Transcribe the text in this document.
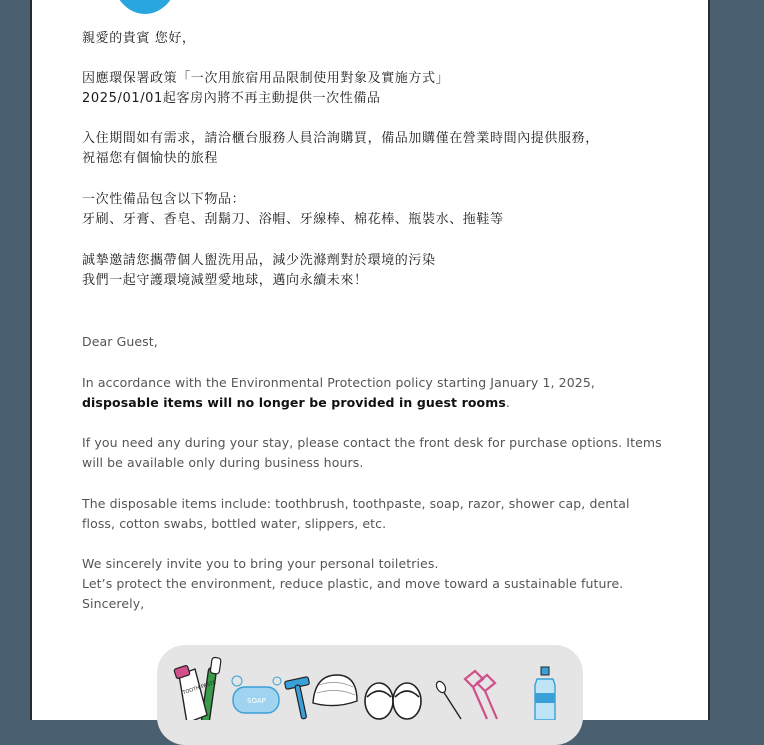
親愛的貴賓 您好，

因應環保署政策「一次用旅宿用品限制使用對象及實施方式」

2025/01/01起客房內將不再主動提供一次性備品

入住期間如有需求，請洽櫃台服務人員洽詢購買，備品加購僅在營業時間內提供服務，

祝福您有個愉快的旅程

一次性備品包含以下物品：

牙刷、牙膏、香皂、刮鬍刀、浴帽、牙線棒、棉花棒、瓶裝水、拖鞋等

誠摯邀請您攜帶個人盥洗用品，減少洗滌劑對於環境的污染

我們一起守護環境減塑愛地球，邁向永續未來！

Dear Guest,

In accordance with the Environmental Protection policy starting January 1, 2025,

disposable items will no longer be provided in guest rooms.

If you need any during your stay, please contact the front desk for purchase options. Items

will be available only during business hours.

The disposable items include: toothbrush, toothpaste, soap, razor, shower cap, dental

floss, cotton swabs, bottled water, slippers, etc.

We sincerely invite you to bring your personal toiletries.

Let’s protect the environment, reduce plastic, and move toward a sustainable future.

Sincerely,

TOOTH PASTE
SOAP
